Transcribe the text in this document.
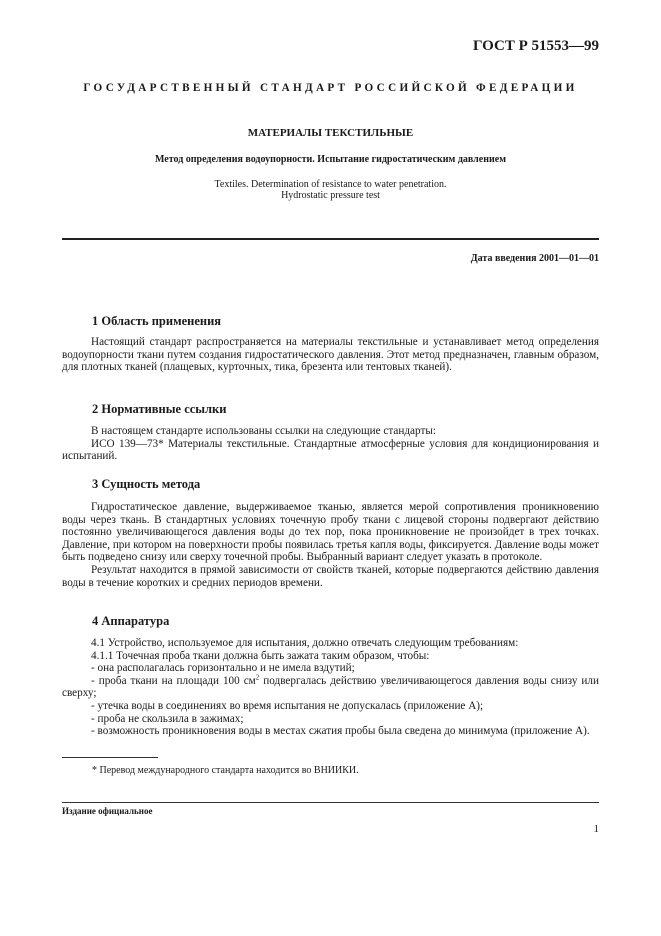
ГОСТ Р 51553—99
ГОСУДАРСТВЕННЫЙ СТАНДАРТ РОССИЙСКОЙ ФЕДЕРАЦИИ
МАТЕРИАЛЫ ТЕКСТИЛЬНЫЕ
Метод определения водоупорности. Испытание гидростатическим давлением
Textiles. Determination of resistance to water penetration.
Hydrostatic pressure test
Дата введения 2001—01—01
1 Область применения

Настоящий стандарт распространяется на материалы текстильные и устанавливает метод определения водоупорности ткани путем создания гидростатического давления. Этот метод предназначен, главным образом, для плотных тканей (плащевых, курточных, тика, брезента или тентовых тканей).

2 Нормативные ссылки

В настоящем стандарте использованы ссылки на следующие стандарты:

ИСО 139—73* Материалы текстильные. Стандартные атмосферные условия для кондиционирования и испытаний.

3 Сущность метода

Гидростатическое давление, выдерживаемое тканью, является мерой сопротивления проникновению воды через ткань. В стандартных условиях точечную пробу ткани с лицевой стороны подвергают действию постоянно увеличивающегося давления воды до тех пор, пока проникновение не произойдет в трех точках. Давление, при котором на поверхности пробы появилась третья капля воды, фиксируется. Давление воды может быть подведено снизу или сверху точечной пробы. Выбранный вариант следует указать в протоколе.

Результат находится в прямой зависимости от свойств тканей, которые подвергаются действию давления воды в течение коротких и средних периодов времени.

4 Аппаратура

4.1 Устройство, используемое для испытания, должно отвечать следующим требованиям:

4.1.1 Точечная проба ткани должна быть зажата таким образом, чтобы:

- она располагалась горизонтально и не имела вздутий;

- проба ткани на площади 100 $см^2$ подвергалась действию увеличивающегося давления воды снизу или сверху;

- утечка воды в соединениях во время испытания не допускалась (приложение А);

- проба не скользила в зажимах;

- возможность проникновения воды в местах сжатия пробы была сведена до минимума (приложение А).

* Перевод международного стандарта находится во ВНИИКИ.
Издание официальное
1
